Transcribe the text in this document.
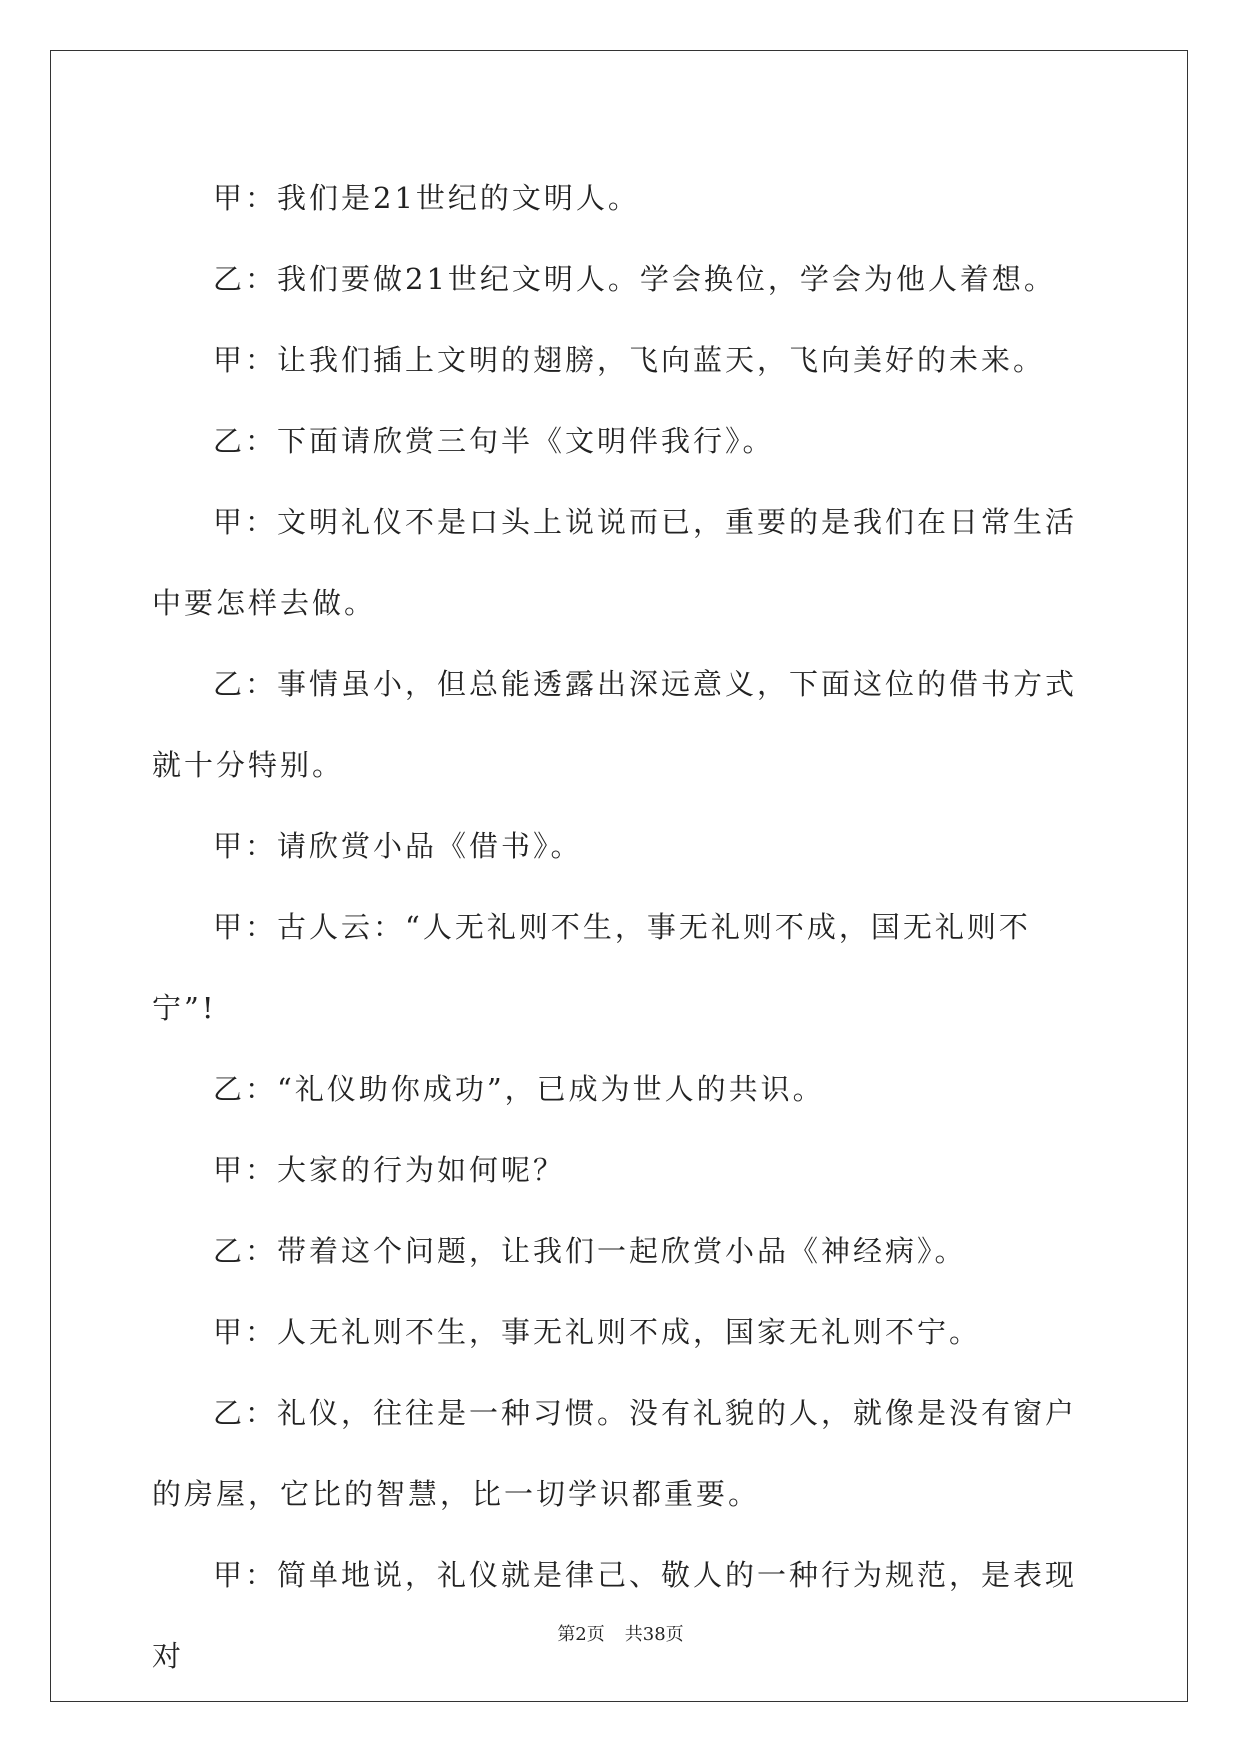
甲：我们是21世纪的文明人。

乙：我们要做21世纪文明人。学会换位，学会为他人着想。

甲：让我们插上文明的翅膀，飞向蓝天，飞向美好的未来。

乙：下面请欣赏三句半《文明伴我行》。

甲：文明礼仪不是口头上说说而已，重要的是我们在日常生活中要怎样去做。

乙：事情虽小，但总能透露出深远意义，下面这位的借书方式就十分特别。

甲：请欣赏小品《借书》。

甲：古人云：“人无礼则不生，事无礼则不成，国无礼则不宁”!

乙：“礼仪助你成功”，已成为世人的共识。

甲：大家的行为如何呢？

乙：带着这个问题，让我们一起欣赏小品《神经病》。

甲：人无礼则不生，事无礼则不成，国家无礼则不宁。

乙：礼仪，往往是一种习惯。没有礼貌的人，就像是没有窗户的房屋，它比的智慧，比一切学识都重要。

甲：简单地说，礼仪就是律己、敬人的一种行为规范，是表现对

第2页 共38页
